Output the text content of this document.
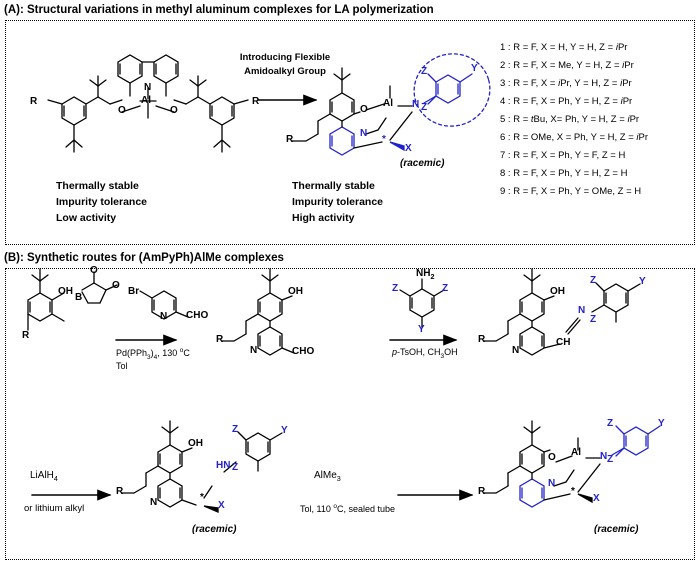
(A): Structural variations in methyl aluminum complexes for LA polymerization
(B): Synthetic routes for (AmPyPh)AlMe complexes
R	R
N
Al
O	O
Introducing Flexible
Amidoalkyl Group
R
O
Al
N
N
X
*
Z
Z
Y
(racemic)
Thermally stable
Impurity tolerance
Low activity
Thermally stable
Impurity tolerance
High activity
1 : R = F, X = H, Y = H, Z = iPr
2 : R = F, X = Me, Y = H, Z = iPr
3 : R = F, X = iPr, Y = H, Z = iPr
4 : R = F, X = Ph, Y = H, Z = iPr
5 : R = tBu, X= Ph, Y = H, Z = iPr
6 : R = OMe, X = Ph, Y = H, Z = iPr
7 : R = F, X = Ph, Y = F, Z = H
8 : R = F, X = Ph, Y = H, Z = H
9 : R = F, X = Ph, Y = OMe, Z = H
OH
B
O
O
R
Br
N CHO
$Pd(PPh_3)_4$, 130 $^o$C
Tol
OH
R
N	CHO
$NH_2$
Z	Z
Y
p-TsOH, $CH_3OH$
OH
R
N
CH
N
Z
Z
Y
LiAlH$_4$
or lithium alkyl
OH
R
N
HN
X
*
Z
Z
Y
(racemic)
AlMe$_3$
Tol, 110 $^o$C, sealed tube
O Al
N
N
R
X
*
Z
Z
Y
(racemic)
